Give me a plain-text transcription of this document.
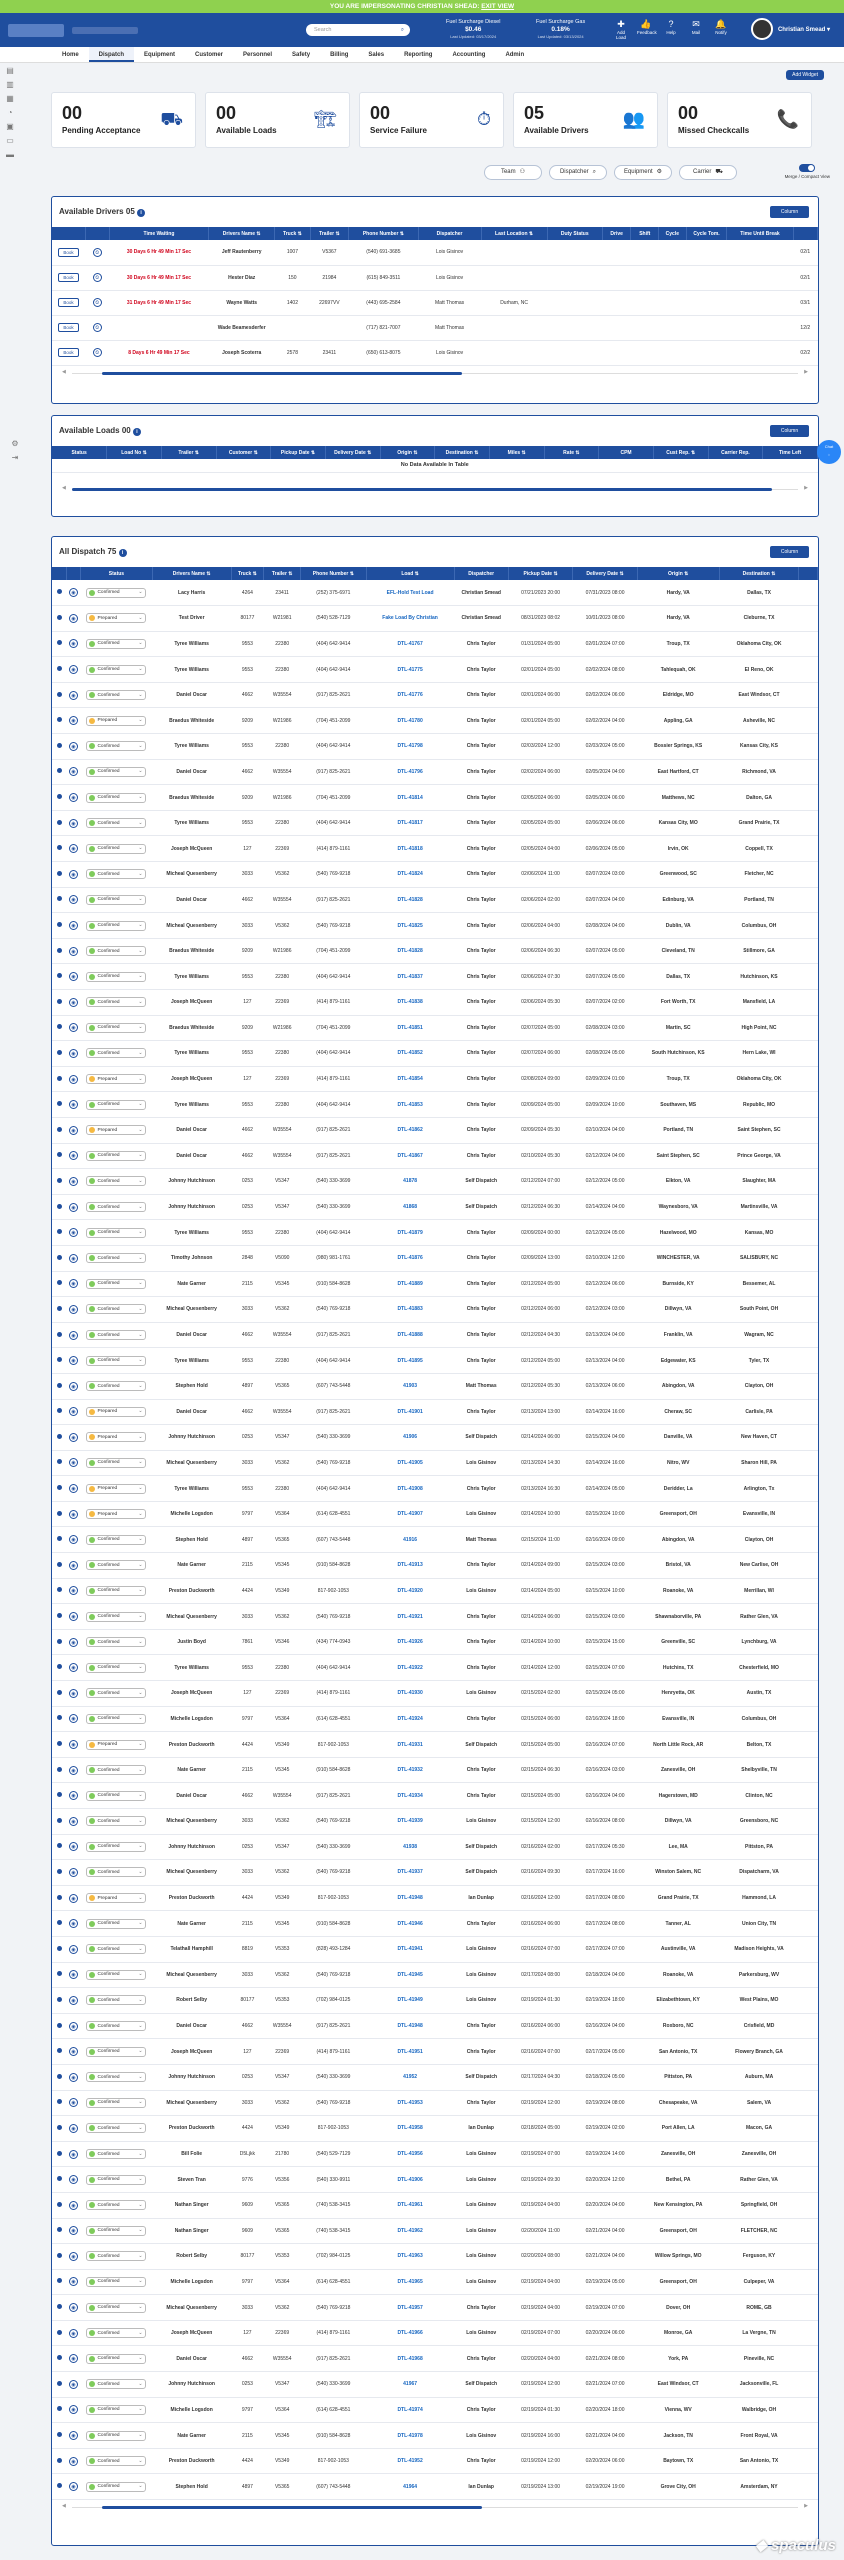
YOU ARE IMPERSONATING CHRISTIAN SHEAD: EXIT VIEW
Search	⌕
Fuel Surcharge Diesel
$0.46
Last Updated: 03/17/2024
Fuel Surcharge Gas
0.18%
Last Updated: 03/13/2024
✚
Add Load
👍
Feedback
?
Help
✉
Mail
🔔
Notify	Christian Smead ▾
Home	Dispatch	Equipment	Customer	Personnel	Safety	Billing	Sales	Reporting	Accounting	Admin
▤
▥
▦
◔
▣
▭
▬
⚙
⇥
Add Widget
00
Pending Acceptance
⛟ 00
Available Loads
🏗 00
Service Failure
⏱ 05
Available Drivers
👥 00
Missed Checkcalls
📞
Team ⚇	Dispatcher ⌕	Equipment ⚙	Carrier ⛟
Merge / Compact View
Available Drivers 05 i	Column
		Time Waiting	Drivers Name ⇅	Truck ⇅	Trailer ⇅	Phone Number ⇅	Dispatcher	Last Location ⇅	Duty Status	Drive	Shift	Cycle	Cycle Tom.	Time Until Break	
Book	⏲	30 Days 6 Hr 49 Min 17 Sec	Jeff Rautenberry	1007	V5367	(540) 691-3685	Lois Gisinov								02/1
Book	⏲	30 Days 6 Hr 49 Min 17 Sec	Hester Diaz	150	21984	(615) 849-3511	Lois Gisinov								02/1
Book	⏲	31 Days 6 Hr 49 Min 17 Sec	Wayne Watts	1402	22697VV	(443) 695-2584	Matt Thomas	Durham, NC							03/1
Book	⏲		Wade Beamesderfer			(717) 821-7007	Matt Thomas								12/2
Book	⏲	8 Days 6 Hr 49 Min 17 Sec	Joseph Scoterra	2578	23411	(650) 613-8075	Lois Gisinov								02/2
◀	▶
Available Loads 00 i	Column
Status	Load No ⇅	Trailer ⇅	Customer ⇅	Pickup Date ⇅	Delivery Date ⇅	Origin ⇅	Destination ⇅	Miles ⇅	Rate ⇅	CPM	Cust Rep. ⇅	Carrier Rep.	Time Left
No Data Available In Table
◀	▶
Chat
◌
All Dispatch 75 i	Column
		Status	Drivers Name ⇅	Truck ⇅	Trailer ⇅	Phone Number ⇅	Load ⇅	Dispatcher	Pickup Date ⇅	Delivery Date ⇅	Origin ⇅	Destination ⇅	
	◉	Confirmed ⌄	Lacy Harris	4264	23411	(252) 375-6971	EFL-Hold Test Load	Christian Smead	07/21/2023 20:00	07/31/2023 08:00	Hardy, VA	Dallas, TX	
	◉	Prepared ⌄	Test Driver	80177	W21981	(540) 528-7129	Fake Load By Christian	Christian Smead	08/31/2023 08:02	10/01/2023 08:00	Hardy, VA	Cleburne, TX	
	◉	Confirmed ⌄	Tyree Williams	9553	22380	(404) 642-9414	DTL-41767	Chris Taylor	01/31/2024 05:00	02/01/2024 07:00	Troup, TX	Oklahoma City, OK	
	◉	Confirmed ⌄	Tyree Williams	9553	22380	(404) 642-9414	DTL-41775	Chris Taylor	02/01/2024 05:00	02/02/2024 08:00	Tahlequah, OK	El Reno, OK	
	◉	Confirmed ⌄	Daniel Oscar	4662	W35554	(917) 825-2621	DTL-41776	Chris Taylor	02/01/2024 06:00	02/02/2024 06:00	Eldridge, MO	East Windsor, CT	
	◉	Prepared ⌄	Braedus Whiteside	9209	W21986	(704) 451-2099	DTL-41780	Chris Taylor	02/01/2024 05:00	02/02/2024 04:00	Appling, GA	Asheville, NC	
	◉	Confirmed ⌄	Tyree Williams	9553	22380	(404) 642-9414	DTL-41798	Chris Taylor	02/03/2024 12:00	02/03/2024 05:00	Bossier Springs, KS	Kansas City, KS	
	◉	Confirmed ⌄	Daniel Oscar	4662	W35554	(917) 825-2621	DTL-41796	Chris Taylor	02/02/2024 06:00	02/05/2024 04:00	East Hartford, CT	Richmond, VA	
	◉	Confirmed ⌄	Braedus Whiteside	9209	W21986	(704) 451-2099	DTL-41814	Chris Taylor	02/05/2024 06:00	02/05/2024 06:00	Matthews, NC	Dalton, GA	
	◉	Confirmed ⌄	Tyree Williams	9553	22380	(404) 642-9414	DTL-41817	Chris Taylor	02/05/2024 05:00	02/06/2024 06:00	Kansas City, MO	Grand Prairie, TX	
	◉	Confirmed ⌄	Joseph McQueen	127	22369	(414) 879-1161	DTL-41818	Chris Taylor	02/05/2024 04:00	02/06/2024 05:00	Irvin, OK	Coppell, TX	
	◉	Confirmed ⌄	Micheal Quesenberry	3033	V5362	(540) 769-9218	DTL-41824	Chris Taylor	02/06/2024 11:00	02/07/2024 03:00	Greenwood, SC	Fletcher, NC	
	◉	Confirmed ⌄	Daniel Oscar	4662	W35554	(917) 825-2621	DTL-41828	Chris Taylor	02/06/2024 02:00	02/07/2024 04:00	Edinburg, VA	Portland, TN	
	◉	Confirmed ⌄	Micheal Quesenberry	3033	V5362	(540) 769-9218	DTL-41825	Chris Taylor	02/06/2024 04:00	02/08/2024 04:00	Dublin, VA	Columbus, OH	
	◉	Confirmed ⌄	Braedus Whiteside	9209	W21986	(704) 451-2099	DTL-41828	Chris Taylor	02/06/2024 06:30	02/07/2024 05:00	Cleveland, TN	Stillmore, GA	
	◉	Confirmed ⌄	Tyree Williams	9553	22380	(404) 642-9414	DTL-41837	Chris Taylor	02/06/2024 07:30	02/07/2024 05:00	Dallas, TX	Hutchinson, KS	
	◉	Confirmed ⌄	Joseph McQueen	127	22369	(414) 879-1161	DTL-41838	Chris Taylor	02/06/2024 05:30	02/07/2024 02:00	Fort Worth, TX	Mansfield, LA	
	◉	Confirmed ⌄	Braedus Whiteside	9209	W21986	(704) 451-2099	DTL-41851	Chris Taylor	02/07/2024 05:00	02/08/2024 03:00	Martin, SC	High Point, NC	
	◉	Confirmed ⌄	Tyree Williams	9553	22380	(404) 642-9414	DTL-41852	Chris Taylor	02/07/2024 06:00	02/08/2024 05:00	South Hutchinson, KS	Hern Lake, WI	
	◉	Prepared ⌄	Joseph McQueen	127	22369	(414) 879-1161	DTL-41854	Chris Taylor	02/08/2024 09:00	02/09/2024 01:00	Troup, TX	Oklahoma City, OK	
	◉	Confirmed ⌄	Tyree Williams	9553	22380	(404) 642-9414	DTL-41853	Chris Taylor	02/09/2024 05:00	02/09/2024 10:00	Southaven, MS	Republic, MO	
	◉	Prepared ⌄	Daniel Oscar	4662	W35554	(917) 825-2621	DTL-41862	Chris Taylor	02/09/2024 05:30	02/10/2024 04:00	Portland, TN	Saint Stephen, SC	
	◉	Confirmed ⌄	Daniel Oscar	4662	W35554	(917) 825-2621	DTL-41867	Chris Taylor	02/10/2024 05:30	02/12/2024 04:00	Saint Stephen, SC	Prince George, VA	
	◉	Confirmed ⌄	Johnny Hutchinson	0253	V5347	(540) 330-3699	41878	Self Dispatch	02/12/2024 07:00	02/12/2024 05:00	Elkton, VA	Slaughter, MA	
	◉	Confirmed ⌄	Johnny Hutchinson	0253	V5347	(540) 330-3699	41868	Self Dispatch	02/12/2024 06:30	02/14/2024 04:00	Waynesboro, VA	Martinsville, VA	
	◉	Confirmed ⌄	Tyree Williams	9553	22380	(404) 642-9414	DTL-41879	Chris Taylor	02/09/2024 00:00	02/12/2024 05:00	Hazelwood, MO	Kansas, MO	
	◉	Confirmed ⌄	Timothy Johnson	2848	V5090	(980) 981-1761	DTL-41876	Chris Taylor	02/09/2024 13:00	02/10/2024 12:00	WINCHESTER, VA	SALISBURY, NC	
	◉	Confirmed ⌄	Nate Garner	2115	V5345	(910) 584-8628	DTL-41889	Chris Taylor	02/12/2024 05:00	02/12/2024 06:00	Burnside, KY	Bessemer, AL	
	◉	Confirmed ⌄	Micheal Quesenberry	3033	V5362	(540) 769-9218	DTL-41883	Chris Taylor	02/12/2024 06:00	02/12/2024 03:00	Dillwyn, VA	South Point, OH	
	◉	Confirmed ⌄	Daniel Oscar	4662	W35554	(917) 825-2621	DTL-41888	Chris Taylor	02/12/2024 04:30	02/13/2024 04:00	Franklin, VA	Wagram, NC	
	◉	Confirmed ⌄	Tyree Williams	9553	22380	(404) 642-9414	DTL-41895	Chris Taylor	02/12/2024 05:00	02/13/2024 04:00	Edgewater, KS	Tyler, TX	
	◉	Confirmed ⌄	Stephen Hold	4897	V5365	(607) 743-5448	41903	Matt Thomas	02/12/2024 05:30	02/13/2024 06:00	Abingdon, VA	Clayton, OH	
	◉	Prepared ⌄	Daniel Oscar	4662	W35554	(917) 825-2621	DTL-41901	Chris Taylor	02/13/2024 13:00	02/14/2024 16:00	Cheraw, SC	Carlisle, PA	
	◉	Prepared ⌄	Johnny Hutchinson	0253	V5347	(540) 330-3699	41906	Self Dispatch	02/14/2024 06:00	02/15/2024 04:00	Danville, VA	New Haven, CT	
	◉	Confirmed ⌄	Micheal Quesenberry	3033	V5362	(540) 769-9218	DTL-41905	Lois Gisinov	02/13/2024 14:30	02/14/2024 16:00	Nitro, WV	Sharon Hill, PA	
	◉	Prepared ⌄	Tyree Williams	9553	22380	(404) 642-9414	DTL-41908	Chris Taylor	02/13/2024 16:30	02/14/2024 05:00	Deridder, La	Arlington, Tx	
	◉	Prepared ⌄	Michelle Logsdon	9797	V5364	(614) 628-4551	DTL-41907	Lois Gisinov	02/14/2024 10:00	02/15/2024 10:00	Greensport, OH	Evansville, IN	
	◉	Confirmed ⌄	Stephen Hold	4897	V5365	(607) 743-5448	41916	Matt Thomas	02/15/2024 11:00	02/16/2024 09:00	Abingdon, VA	Clayton, OH	
	◉	Confirmed ⌄	Nate Garner	2115	V5345	(910) 584-8628	DTL-41913	Chris Taylor	02/14/2024 09:00	02/15/2024 03:00	Bristol, VA	New Carlise, OH	
	◉	Confirmed ⌄	Preston Duckworth	4424	V5349	817-902-1053	DTL-41920	Lois Gisinov	02/14/2024 05:00	02/15/2024 10:00	Roanoke, VA	Merrillan, WI	
	◉	Confirmed ⌄	Micheal Quesenberry	3033	V5362	(540) 769-9218	DTL-41921	Chris Taylor	02/14/2024 06:00	02/15/2024 03:00	Shawnaborville, PA	Rather Glen, VA	
	◉	Confirmed ⌄	Justin Boyd	7861	V5346	(434) 774-0943	DTL-41926	Chris Taylor	02/14/2024 10:00	02/15/2024 15:00	Greenville, SC	Lynchburg, VA	
	◉	Confirmed ⌄	Tyree Williams	9553	22380	(404) 642-9414	DTL-41922	Chris Taylor	02/14/2024 12:00	02/15/2024 07:00	Hutchins, TX	Chesterfield, MO	
	◉	Confirmed ⌄	Joseph McQueen	127	22369	(414) 879-1161	DTL-41930	Lois Gisinov	02/15/2024 02:00	02/15/2024 05:00	Henryetta, OK	Austin, TX	
	◉	Confirmed ⌄	Michelle Logsdon	9797	V5364	(614) 628-4551	DTL-41924	Chris Taylor	02/15/2024 06:00	02/16/2024 18:00	Evansville, IN	Columbus, OH	
	◉	Prepared ⌄	Preston Duckworth	4424	V5349	817-902-1053	DTL-41931	Self Dispatch	02/15/2024 05:00	02/16/2024 07:00	North Little Rock, AR	Belton, TX	
	◉	Confirmed ⌄	Nate Garner	2115	V5345	(910) 584-8628	DTL-41932	Chris Taylor	02/15/2024 06:30	02/16/2024 03:00	Zanesville, OH	Shelbyville, TN	
	◉	Confirmed ⌄	Daniel Oscar	4662	W35554	(917) 825-2621	DTL-41934	Chris Taylor	02/15/2024 05:00	02/16/2024 04:00	Hagerstown, MD	Clinton, NC	
	◉	Confirmed ⌄	Micheal Quesenberry	3033	V5362	(540) 769-9218	DTL-41939	Lois Gisinov	02/15/2024 12:00	02/16/2024 08:00	Dillwyn, VA	Greensboro, NC	
	◉	Confirmed ⌄	Johnny Hutchinson	0253	V5347	(540) 330-3699	41938	Self Dispatch	02/16/2024 02:00	02/17/2024 05:30	Lee, MA	Pittston, PA	
	◉	Confirmed ⌄	Micheal Quesenberry	3033	V5362	(540) 769-9218	DTL-41937	Self Dispatch	02/16/2024 09:30	02/17/2024 16:00	Winston Salem, NC	Dispatcharm, VA	
	◉	Prepared ⌄	Preston Duckworth	4424	V5349	817-902-1053	DTL-41948	Ian Dunlap	02/16/2024 12:00	02/17/2024 08:00	Grand Prairie, TX	Hammond, LA	
	◉	Confirmed ⌄	Nate Garner	2115	V5345	(910) 584-8628	DTL-41946	Chris Taylor	02/16/2024 06:00	02/17/2024 08:00	Tanner, AL	Union City, TN	
	◉	Confirmed ⌄	Telathall Hamphill	8819	V5353	(828) 493-1284	DTL-41941	Lois Gisinov	02/16/2024 07:00	02/17/2024 07:00	Austinville, VA	Madison Heights, VA	
	◉	Confirmed ⌄	Micheal Quesenberry	3033	V5362	(540) 769-9218	DTL-41945	Lois Gisinov	02/17/2024 08:00	02/18/2024 04:00	Roanoke, VA	Parkersburg, WV	
	◉	Confirmed ⌄	Robert Selby	80177	V5353	(702) 984-0125	DTL-41949	Lois Gisinov	02/19/2024 01:30	02/19/2024 18:00	Elizabethtown, KY	West Plains, MO	
	◉	Confirmed ⌄	Daniel Oscar	4662	W35554	(917) 825-2621	DTL-41948	Chris Taylor	02/16/2024 06:00	02/16/2024 04:00	Roxboro, NC	Crisfield, MD	
	◉	Confirmed ⌄	Joseph McQueen	127	22369	(414) 879-1161	DTL-41951	Chris Taylor	02/16/2024 07:00	02/17/2024 05:00	San Antonio, TX	Flowery Branch, GA	
	◉	Confirmed ⌄	Johnny Hutchinson	0253	V5347	(540) 330-3699	41952	Self Dispatch	02/17/2024 04:30	02/18/2024 05:00	Pittston, PA	Auburn, MA	
	◉	Confirmed ⌄	Micheal Quesenberry	3033	V5362	(540) 769-9218	DTL-41953	Chris Taylor	02/19/2024 12:00	02/19/2024 08:00	Chesapeake, VA	Salem, VA	
	◉	Confirmed ⌄	Preston Duckworth	4424	V5349	817-902-1053	DTL-41958	Ian Dunlap	02/18/2024 05:00	02/19/2024 02:00	Port Allen, LA	Macon, GA	
	◉	Confirmed ⌄	Bill Folie	D5Ljkk	21780	(540) 529-7129	DTL-41956	Lois Gisinov	02/19/2024 07:00	02/19/2024 14:00	Zanesville, OH	Zanesville, OH	
	◉	Confirmed ⌄	Steven Tran	9776	V5356	(540) 330-9911	DTL-41906	Lois Gisinov	02/19/2024 09:30	02/20/2024 12:00	Bethel, PA	Rather Glen, VA	
	◉	Confirmed ⌄	Nathan Singer	9609	V5365	(740) 538-3415	DTL-41961	Lois Gisinov	02/19/2024 04:00	02/20/2024 04:00	New Kensington, PA	Springfield, OH	
	◉	Confirmed ⌄	Nathan Singer	9609	V5365	(740) 538-3415	DTL-41962	Lois Gisinov	02/20/2024 11:00	02/21/2024 04:00	Greensport, OH	FLETCHER, NC	
	◉	Confirmed ⌄	Robert Selby	80177	V5353	(702) 984-0125	DTL-41963	Lois Gisinov	02/20/2024 08:00	02/21/2024 04:00	Willow Springs, MO	Ferguson, KY	
	◉	Confirmed ⌄	Michelle Logsdon	9797	V5364	(614) 628-4551	DTL-41965	Lois Gisinov	02/19/2024 04:00	02/19/2024 05:00	Greensport, OH	Culpeper, VA	
	◉	Confirmed ⌄	Micheal Quesenberry	3033	V5362	(540) 769-9218	DTL-41957	Chris Taylor	02/19/2024 04:00	02/19/2024 07:00	Dover, OH	ROME, GB	
	◉	Confirmed ⌄	Joseph McQueen	127	22369	(414) 879-1161	DTL-41966	Lois Gisinov	02/19/2024 07:00	02/20/2024 06:00	Monroe, GA	La Vergne, TN	
	◉	Confirmed ⌄	Daniel Oscar	4662	W35554	(917) 825-2621	DTL-41968	Chris Taylor	02/20/2024 04:00	02/21/2024 08:00	York, PA	Pineville, NC	
	◉	Confirmed ⌄	Johnny Hutchinson	0253	V5347	(540) 330-3699	41967	Self Dispatch	02/19/2024 12:00	02/21/2024 07:00	East Windsor, CT	Jacksonville, FL	
	◉	Confirmed ⌄	Michelle Logsdon	9797	V5364	(614) 628-4551	DTL-41974	Chris Taylor	02/19/2024 01:30	02/20/2024 18:00	Vienna, WV	Walbridge, OH	
	◉	Confirmed ⌄	Nate Garner	2115	V5345	(910) 584-8628	DTL-41978	Lois Gisinov	02/19/2024 16:00	02/21/2024 04:00	Jackson, TN	Front Royal, VA	
	◉	Confirmed ⌄	Preston Duckworth	4424	V5349	817-902-1053	DTL-41952	Chris Taylor	02/19/2024 12:00	02/20/2024 06:00	Baytown, TX	San Antonio, TX	
	◉	Confirmed ⌄	Stephen Hold	4897	V5365	(607) 743-5448	41964	Ian Dunlap	02/19/2024 13:00	02/19/2024 19:00	Grove City, OH	Amsterdam, NY	
◀	▶
◆ spaculus
